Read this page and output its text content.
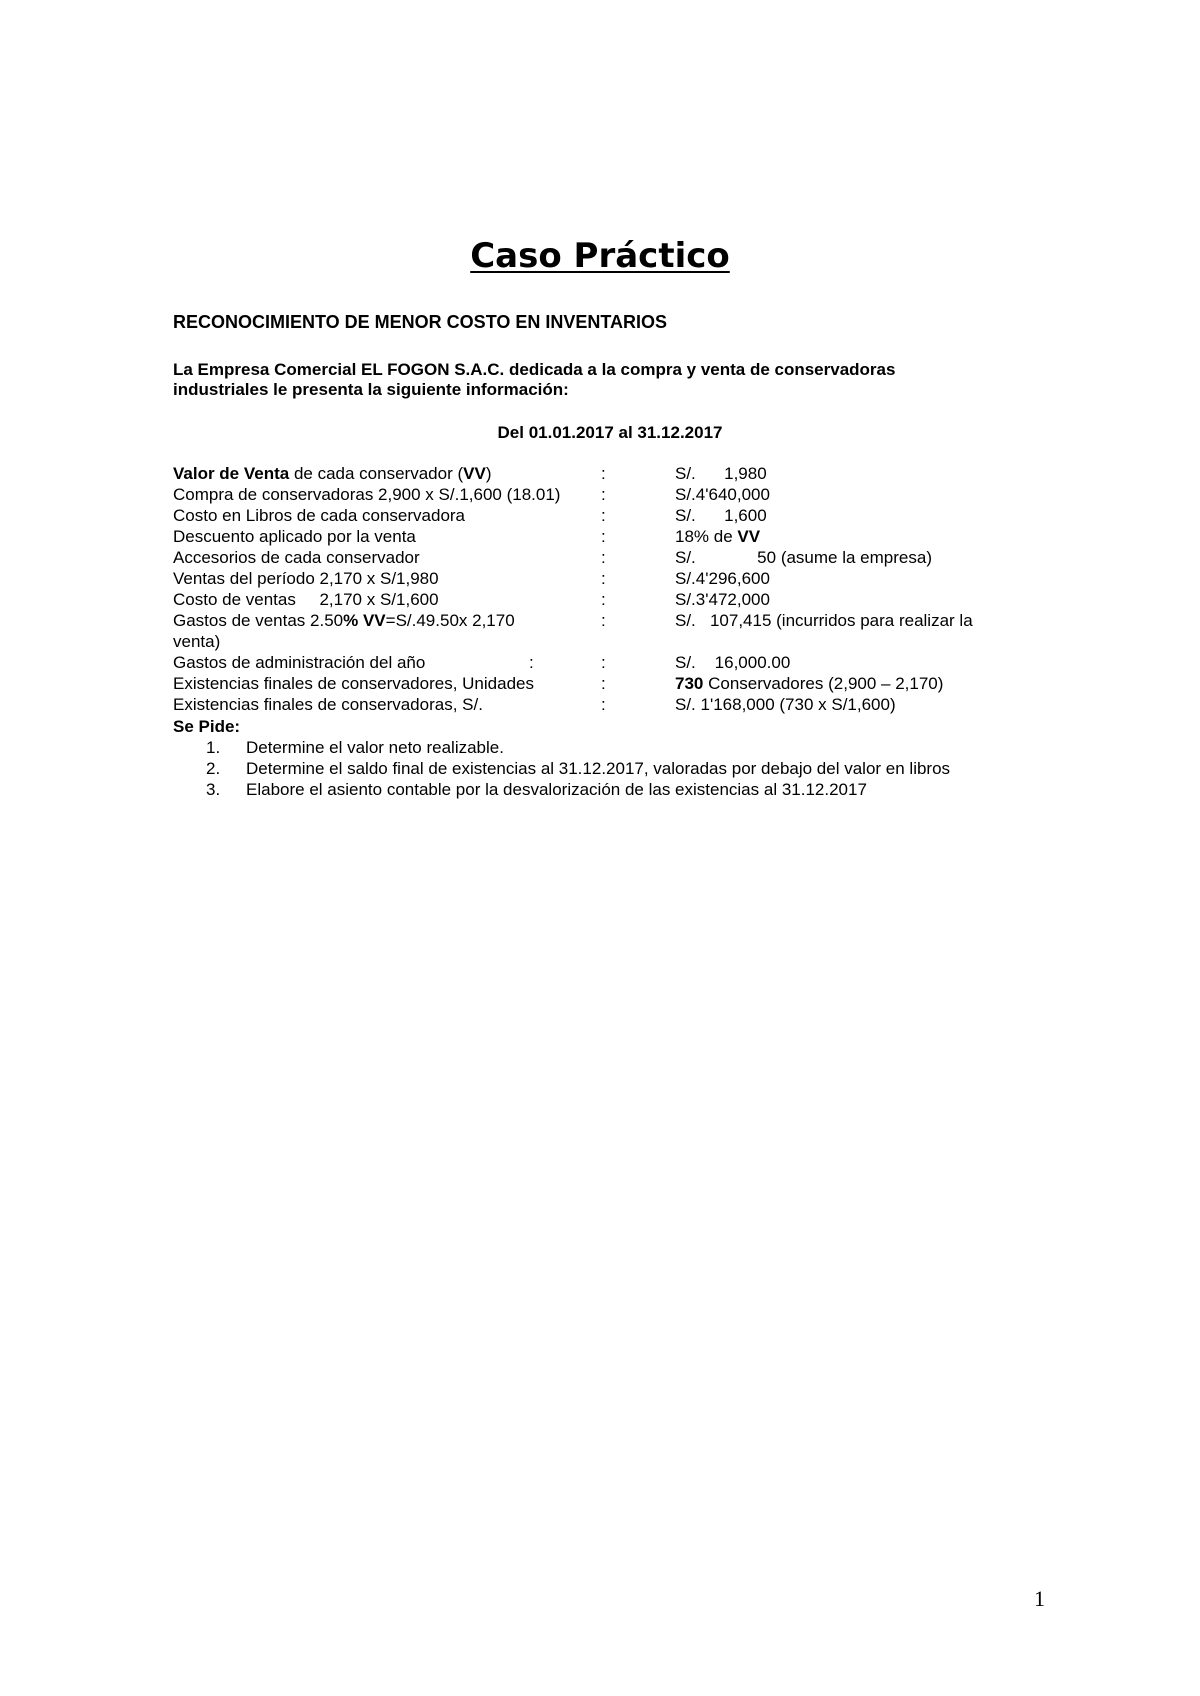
Caso Práctico
RECONOCIMIENTO DE MENOR COSTO EN INVENTARIOS
La Empresa Comercial EL FOGON S.A.C. dedicada a la compra y venta de conservadoras industriales le presenta la siguiente información:
Del 01.01.2017 al 31.12.2017
Valor de Venta de cada conservador (VV)	:	S/.      1,980
Compra de conservadoras 2,900 x S/.1,600 (18.01) :	S/.4'640,000
Costo en Libros de cada conservadora	:	S/.      1,600
Descuento aplicado por la venta	:	18% de VV
Accesorios de cada conservador	:	S/.             50 (asume la empresa)
Ventas del período 2,170 x S/1,980	:	S/.4'296,600
Costo de ventas     2,170 x S/1,600	:	S/.3'472,000
Gastos de ventas 2.50% VV=S/.49.50x 2,170	:	S/.   107,415 (incurridos para realizar la
venta)
Gastos de administración del año	:	:	S/.    16,000.00
Existencias finales de conservadores, Unidades	:	730 Conservadores (2,900 – 2,170)
Existencias finales de conservadoras, S/.	:	S/. 1'168,000 (730 x S/1,600)
Se Pide:
1. Determine el valor neto realizable.
2. Determine el saldo final de existencias al 31.12.2017, valoradas por debajo del valor en libros
3. Elabore el asiento contable por la desvalorización de las existencias al 31.12.2017
1
